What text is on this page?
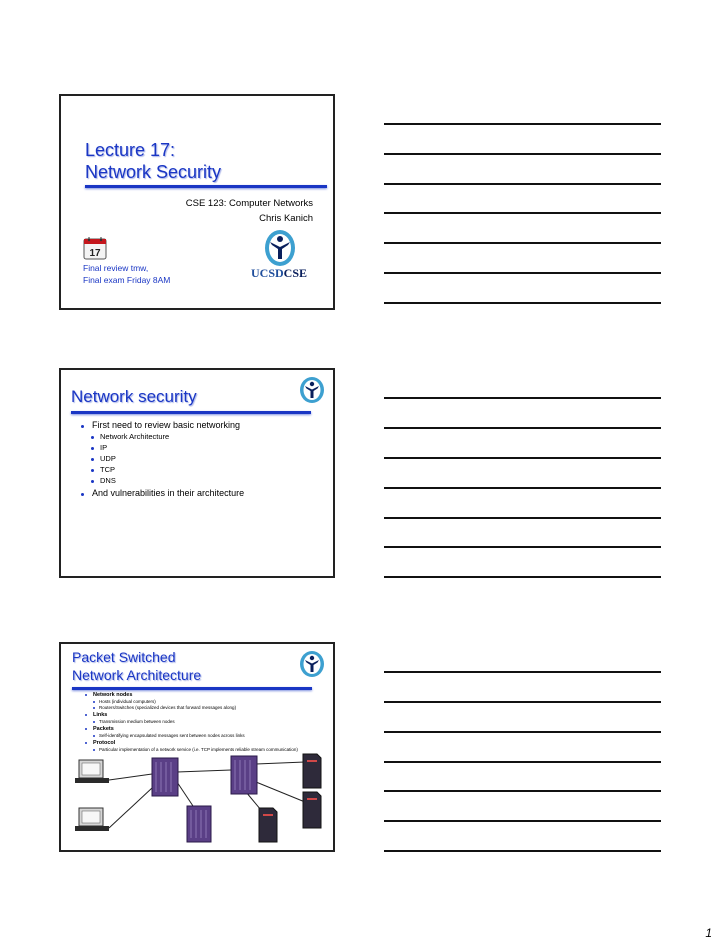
Lecture 17:
Network Security
CSE 123: Computer Networks
Chris Kanich
17
Final review tmw,
Final exam Friday 8AM	UCSDCSE
Network security
First need to review basic networking
Network Architecture
IP
UDP
TCP
DNS
And vulnerabilities in their architecture
Packet Switched
Network Architecture
Network nodes
Hosts (individual computers)
Routers/Switches (specialized devices that forward messages along)
Links
Transmission medium between nodes
Packets
Self-identifying encapsulated messages sent between nodes across links
Protocol
Particular implementation of a network service (i.e. TCP implements reliable stream communication)
1
